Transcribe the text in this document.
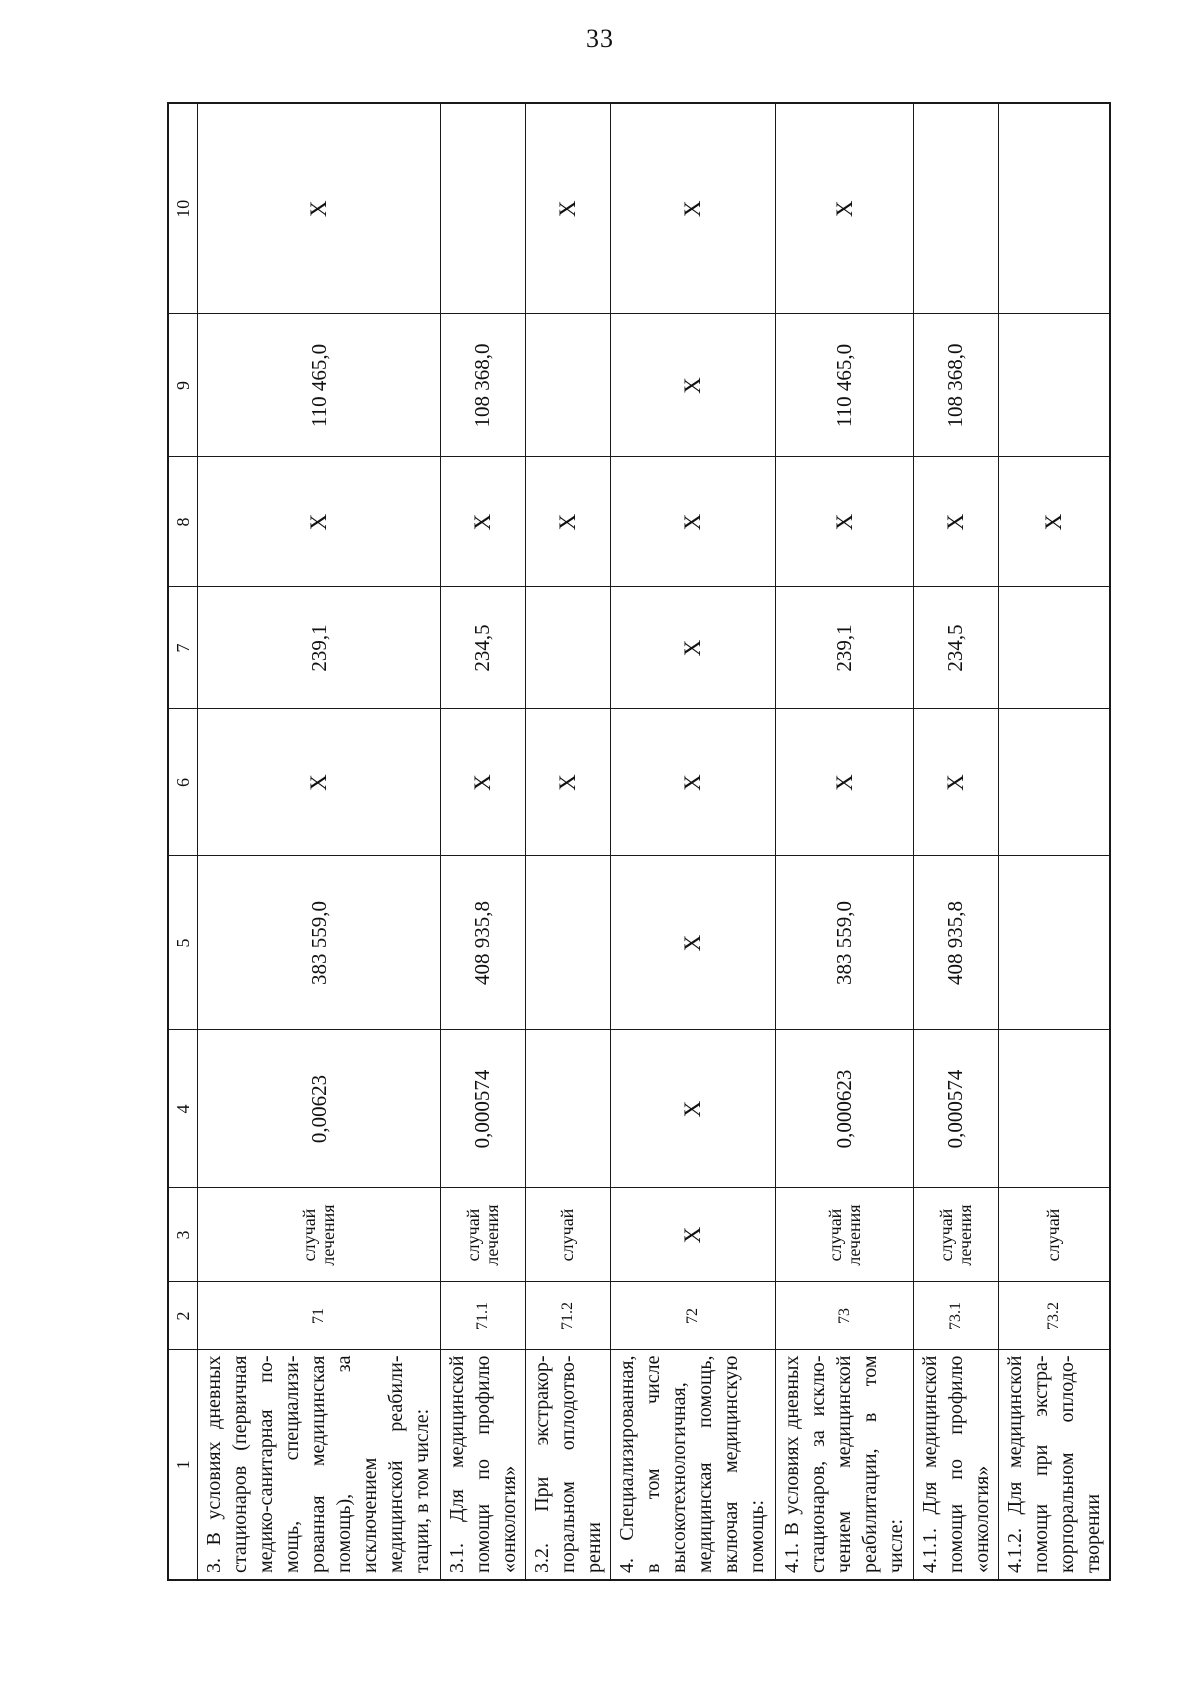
33
1	2	3	4	5	6	7	8	9	10
3. В условиях дневных стационаров (первичная медико-санитарная помощь, специализированная медицинская помощь), за исключением медицинской реабилитации, в том числе:	71	случай лечения	0,00623	383 559,0	X	239,1	X	110 465,0	X
3.1. Для медицинской помощи по профилю «онкология»	71.1	случай лечения	0,000574	408 935,8	X	234,5	X	108 368,0	
3.2. При экстракорпоральном оплодотворении	71.2	случай			X		X		X
4. Специализированная, в том числе высокотехнологичная, медицинская помощь, включая медицинскую помощь:	72	X	X	X	X	X	X	X	X
4.1. В условиях дневных стационаров, за исключением медицинской реабилитации, в том числе:	73	случай лечения	0,000623	383 559,0	X	239,1	X	110 465,0	X
4.1.1. Для медицинской помощи по профилю «онкология»	73.1	случай лечения	0,000574	408 935,8	X	234,5	X	108 368,0	
4.1.2. Для медицинской помощи при экстракорпоральном оплодотворении	73.2	случай					X		
